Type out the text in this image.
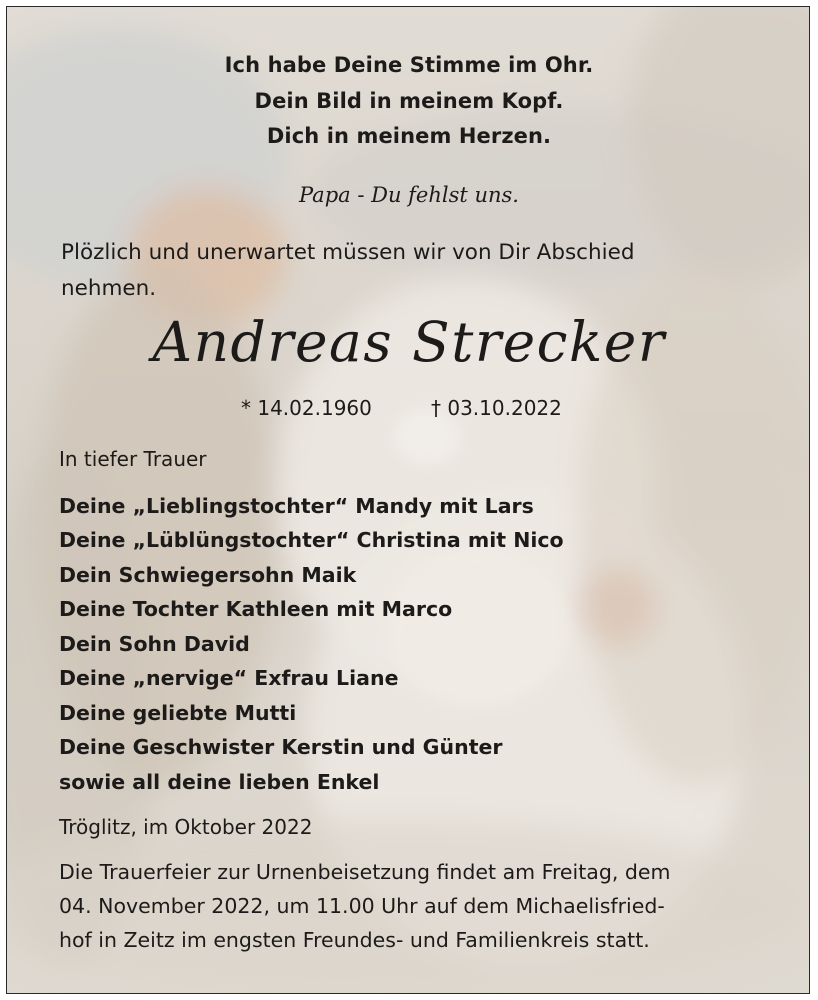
Ich habe Deine Stimme im Ohr.

Dein Bild in meinem Kopf.

Dich in meinem Herzen.

Papa - Du fehlst uns.

Plözlich und unerwartet müssen wir von Dir Abschied

nehmen.

Andreas Strecker

* 14.02.1960	† 03.10.2022

In tiefer Trauer

Deine „Lieblingstochter“ Mandy mit Lars

Deine „Lüblüngstochter“ Christina mit Nico

Dein Schwiegersohn Maik

Deine Tochter Kathleen mit Marco

Dein Sohn David

Deine „nervige“ Exfrau Liane

Deine geliebte Mutti

Deine Geschwister Kerstin und Günter

sowie all deine lieben Enkel

Tröglitz, im Oktober 2022

Die Trauerfeier zur Urnenbeisetzung findet am Freitag, dem

04. November 2022, um 11.00 Uhr auf dem Michaelisfried-

hof in Zeitz im engsten Freundes- und Familienkreis statt.
